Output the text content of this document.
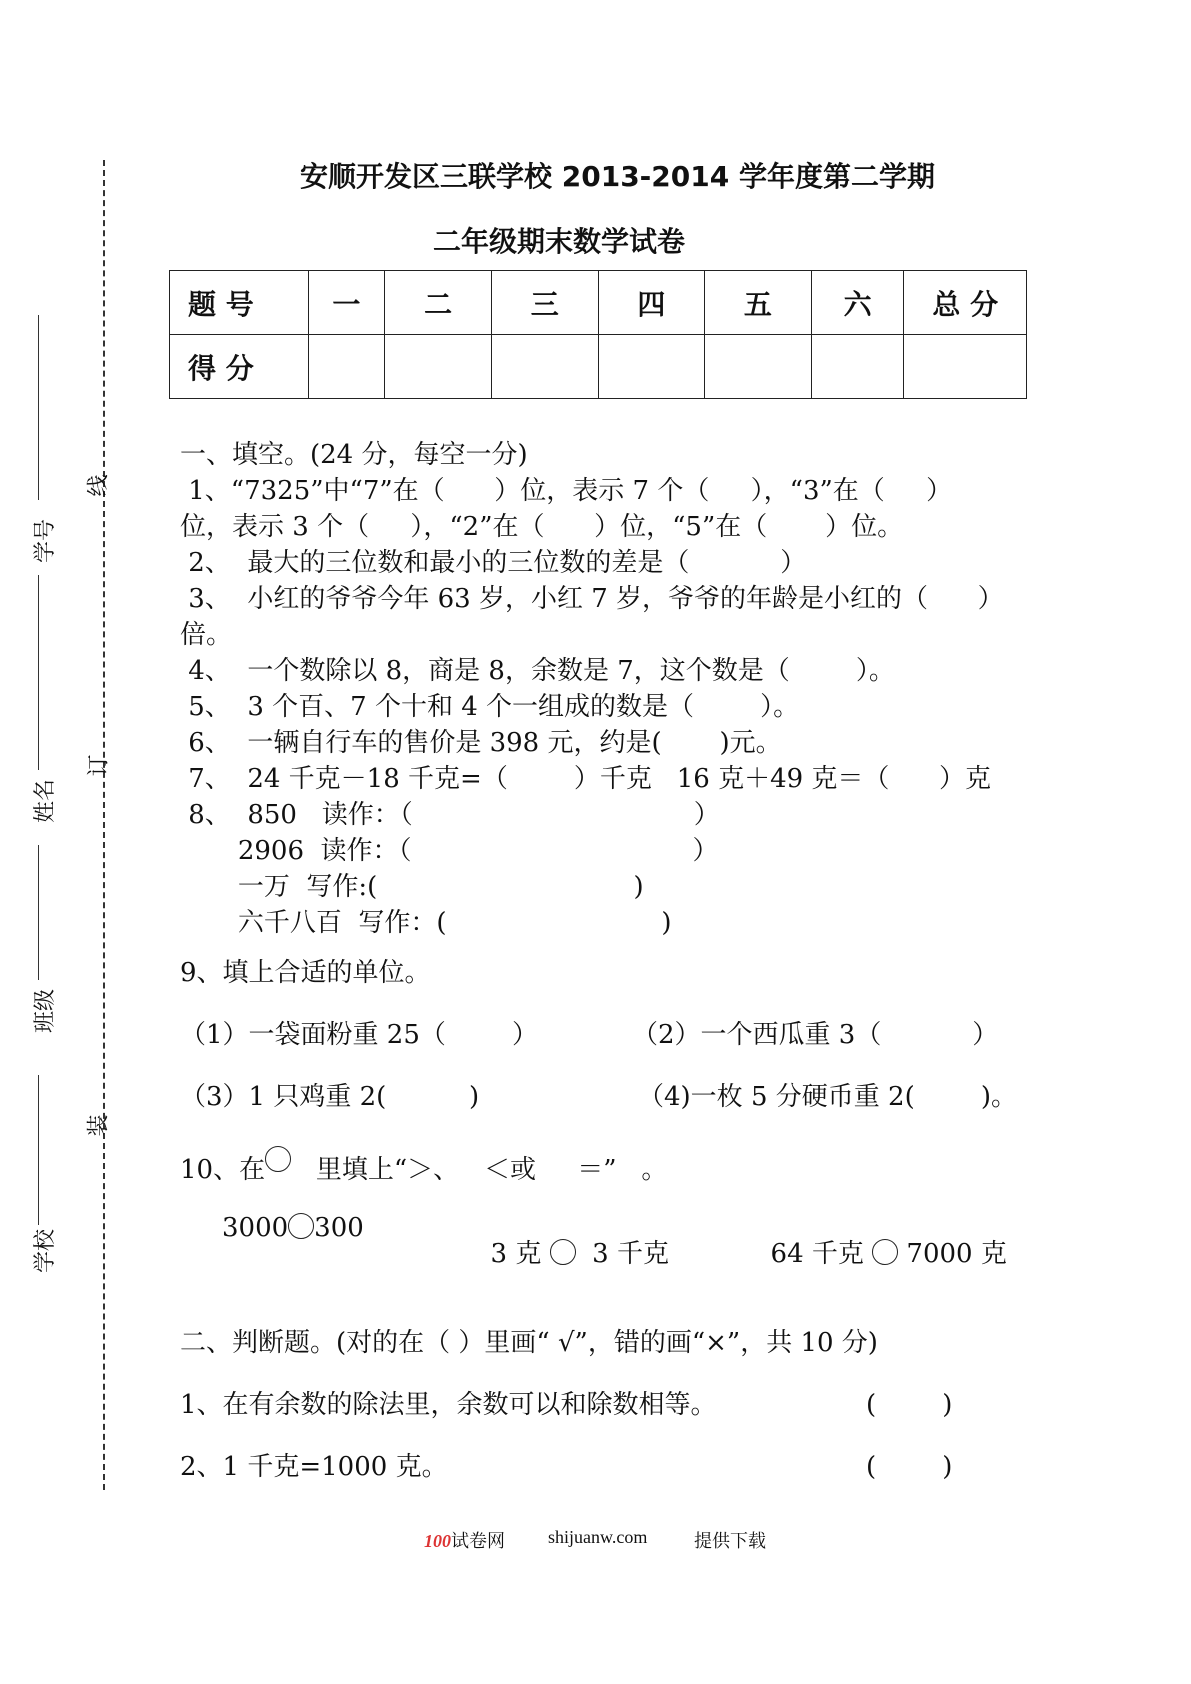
学号
姓名
班级
学校
线
订
装
安顺开发区三联学校 2013-2014 学年度第二学期
二年级期末数学试卷
题 号	一	二	三	四	五	六	总 分
得 分							
一、填空。(24 分，每空一分)
1、“7325”中“7”在（      ）位，表示 7 个（     ），“3”在（     ）
位，表示 3 个（     ），“2”在（      ）位，“5”在（       ）位。
2、  最大的三位数和最小的三位数的差是（           ）
3、  小红的爷爷今年 63 岁，小红 7 岁，爷爷的年龄是小红的（      ）
倍。
4、  一个数除以 8，商是 8，余数是 7，这个数是（        ）。
5、  3 个百、7 个十和 4 个一组成的数是（        ）。
6、  一辆自行车的售价是 398 元，约是(       )元。
7、  24 千克－18 千克=（        ）千克   16 克＋49 克＝（      ）克
8、  850   读作：（                                  ）
2906  读作：（                                  ）
一万  写作:(                               )
六千八百  写作：(                          )
9、填上合适的单位。
（1）一袋面粉重 25（        ）	（2）一个西瓜重 3（           ）
（3）1 只鸡重 2(          )	（4)一枚 5 分硬币重 2(        )。
10、在   里填上“＞、   ＜或     ＝”   。
3000 300

3 克 3 千克	64 千克 7000 克

二、判断题。(对的在（ ）里画“ √”，错的画“×”，共 10 分)
1、在有余数的除法里，余数可以和除数相等。	(        )
2、1 千克=1000 克。	(        )
100试卷网 shijuanw.com	提供下载
